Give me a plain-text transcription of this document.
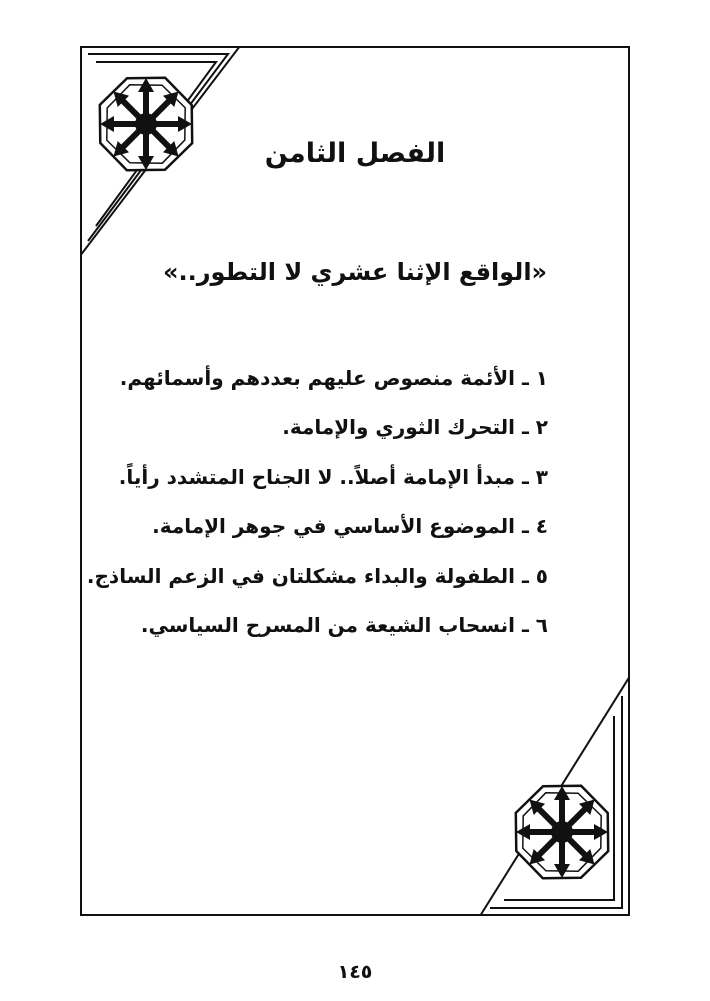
الفصل الثامن
«الواقع الإثنا عشري لا التطور..»
١ ـ الأئمة منصوص عليهم بعددهم وأسمائهم.
٢ ـ التحرك الثوري والإمامة.
٣ ـ مبدأ الإمامة أصلاً.. لا الجناح المتشدد رأياً.
٤ ـ الموضوع الأساسي في جوهر الإمامة.
٥ ـ الطفولة والبداء مشكلتان في الزعم الساذج.
٦ ـ انسحاب الشيعة من المسرح السياسي.
١٤٥
